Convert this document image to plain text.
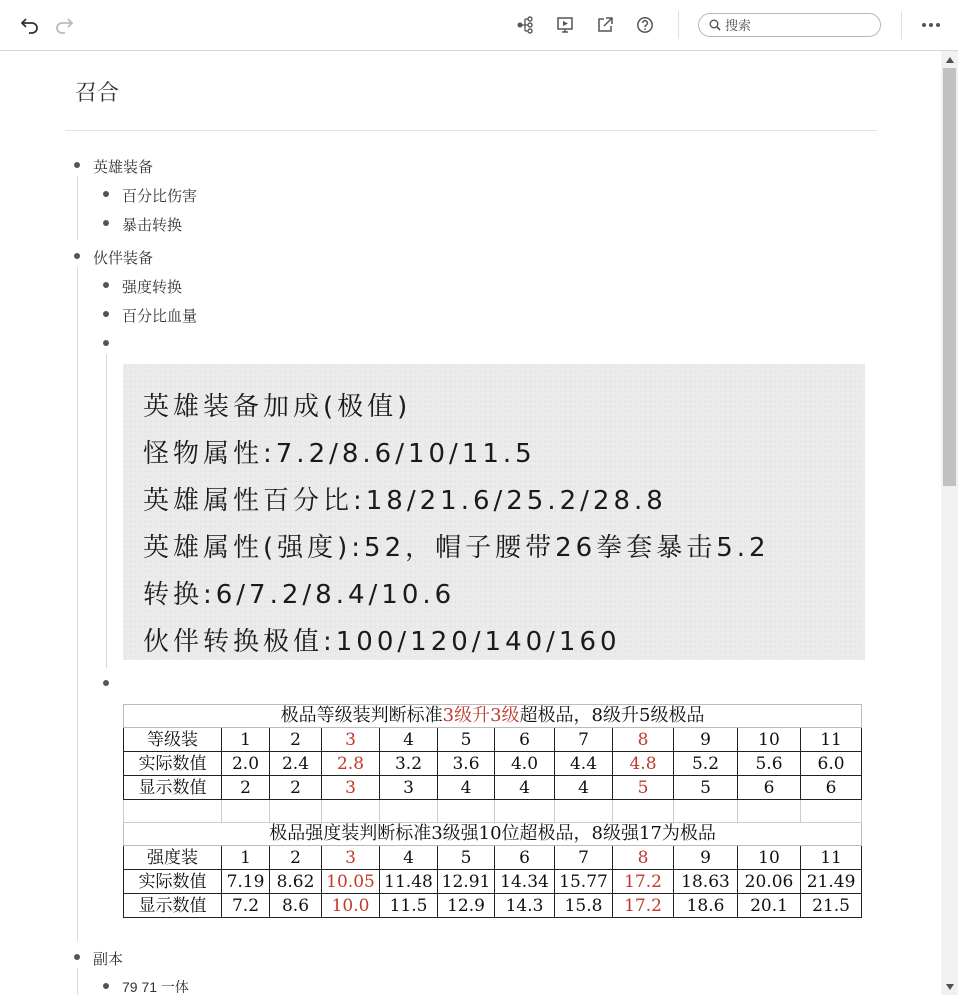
搜索
召合
英雄装备
百分比伤害
暴击转换
伙伴装备
强度转换
百分比血量
英雄装备加成(极值)
怪物属性:7.2/8.6/10/11.5
英雄属性百分比:18/21.6/25.2/28.8
英雄属性(强度):52，帽子腰带26拳套暴击5.2
转换:6/7.2/8.4/10.6
伙伴转换极值:100/120/140/160
极品等级装判断标准3级升3级超极品，8级升5级极品											
等级装	1	2	3	4	5	6	7	8	9	10	11
实际数值	2.0	2.4	2.8	3.2	3.6	4.0	4.4	4.8	5.2	5.6	6.0
显示数值	2	2	3	3	4	4	4	5	5	6	6

极品强度装判断标准3级强10位超极品，8级强17为极品											
强度装	1	2	3	4	5	6	7	8	9	10	11
实际数值	7.19	8.62	10.05	11.48	12.91	14.34	15.77	17.2	18.63	20.06	21.49
显示数值	7.2	8.6	10.0	11.5	12.9	14.3	15.8	17.2	18.6	20.1	21.5
副本
79 71 一体
